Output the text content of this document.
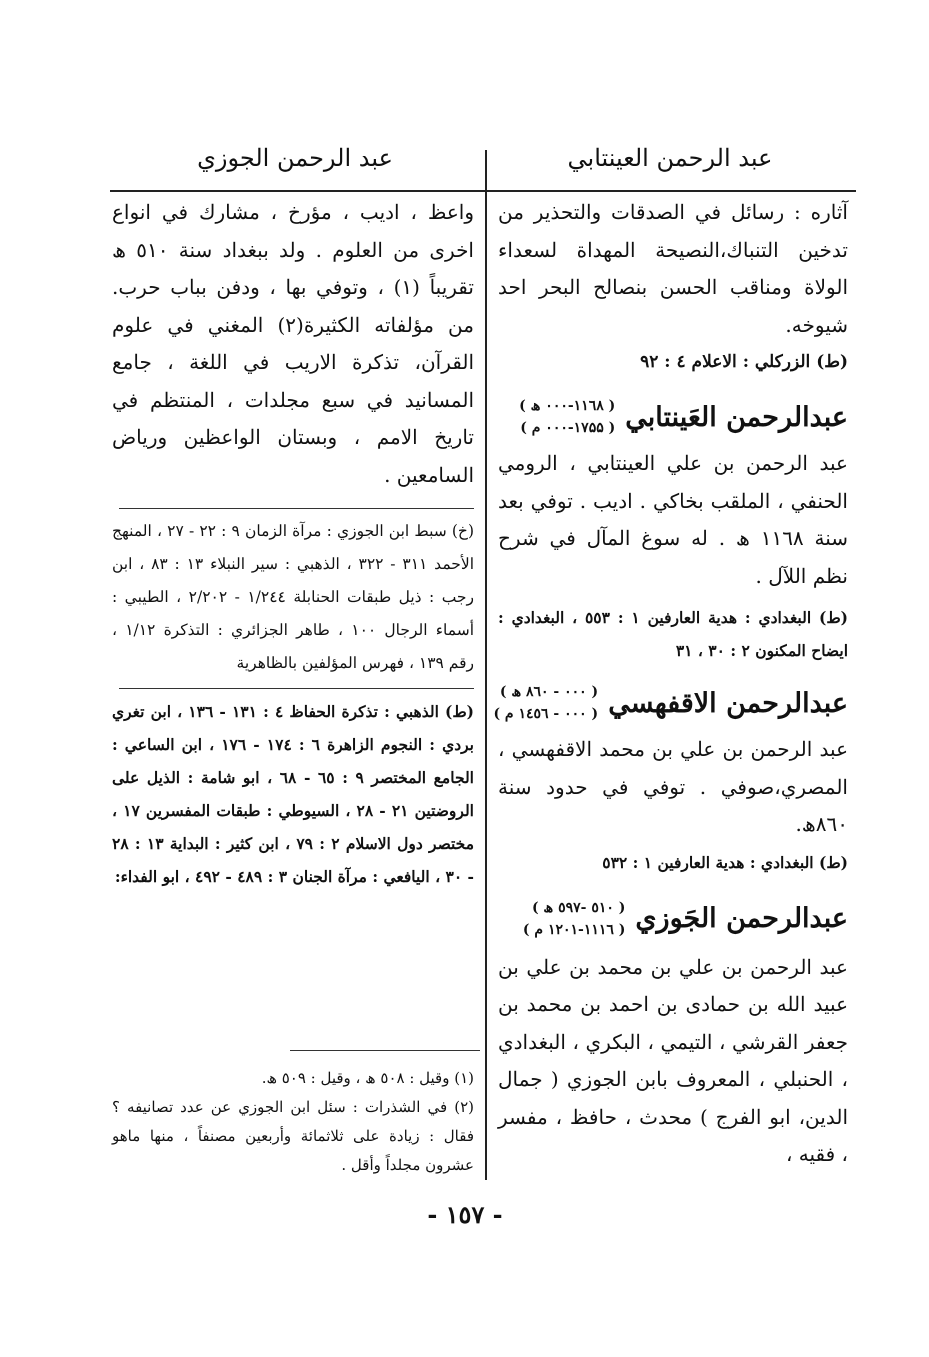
عبد الرحمن العينتابي
عبد الرحمن الجوزي

آثاره : رسائل في الصدقات والتحذير من تدخين التنباك،النصيحة المهداة لسعداء الولاة ومناقب الحسن بنصالح البحر احد شيوخه.

(ط) الزركلي : الاعلام ٤ : ٩٢

عبدالرحمن العَينتابي
( ۰۰۰-۱۱٦۸ ھ )
( ۰۰۰-۱۷۵۵ م )

عبد الرحمن بن علي العينتابي ، الرومي الحنفي ، الملقب بخاكي . اديب . توفي بعد سنة ۱۱٦۸ ھ . له سوغ المآل في شرح نظم اللآل .

(ط) البغدادي : هدية العارفين ۱ : ٥٥۳ ، البغدادي : ايضاح المكنون ۲ : ۳۰ ، ۳۱

عبدالرحمن الاقفهسي
( ۰۰۰ - ۸٦۰ ھ )
( ۰۰۰ - ۱٤٥٦ م )

عبد الرحمن بن علي بن محمد الاقفهسي ، المصري،صوفي . توفي في حدود سنة ۸٦۰ھ.

(ط) البغدادي : هدية العارفين ۱ : ٥۳۲

عبدالرحمن الجَوزي
( ٥۱۰ -٥۹۷ ھ )
( ۱۱۱٦-۱۲۰۱ م )

عبد الرحمن بن علي بن محمد بن علي بن عبيد الله بن حمادى بن احمد بن محمد بن جعفر القرشي ، التيمي ، البكري ، البغدادي ، الحنبلي ، المعروف بابن الجوزي ( جمال الدين، ابو الفرج ) محدث ، حافظ ، مفسر ، فقيه ،

واعظ ، اديب ، مؤرخ ، مشارك في انواع اخرى من العلوم . ولد ببغداد سنة ٥۱۰ ھ تقريباً (۱) ، وتوفي بها ، ودفن بباب حرب. من مؤلفاته الكثيرة(۲) المغني في علوم القرآن، تذكرة الاريب في اللغة ، جامع المسانيد في سبع مجلدات ، المنتظم في تاريخ الامم ، وبستان الواعظين ورياض السامعين .

(خ) سبط ابن الجوزي : مرآة الزمان ۹ : ۲۲ - ۲۷ ، المنهج الأحمد ۳۱۱ - ۳۲۲ ، الذهبي : سير النبلاء ۱۳ : ۸۳ ، ابن رجب : ذيل طبقات الحنابلة ۱/۲٤٤ - ۲/۲۰۲ ، الطيبي : أسماء الرجال ۱۰۰ ، طاهر الجزائري : التذكرة ۱/۱۲ ، رقم ۱۳۹ ، فهرس المؤلفين بالظاهرية

(ط) الذهبي : تذكرة الحفاظ ٤ : ۱۳۱ - ۱۳٦ ، ابن تغري بردي : النجوم الزاهرة ٦ : ۱۷٤ - ۱۷٦ ، ابن الساعي : الجامع المختصر ۹ : ٦٥ - ٦۸ ، ابو شامة : الذيل على الروضتين ۲۱ - ۲۸ ، السيوطي : طبقات المفسرين ۱۷ ، مختصر دول الاسلام ۲ : ۷۹ ، ابن كثير : البداية ۱۳ : ۲۸ - ۳۰ ، اليافعي : مرآة الجنان ۳ : ٤۸۹ - ٤۹۲ ، ابو الفداء:

(۱) وقيل : ٥۰۸ ھ ، وقيل : ٥۰۹ ھ.

(۲) في الشذرات : سئل ابن الجوزي عن عدد تصانيفه ؟ فقال : زيادة على ثلاثمائة وأربعين مصنفاً ، منها ماهو عشرون مجلداً وأقل .

- ۱٥۷ -
